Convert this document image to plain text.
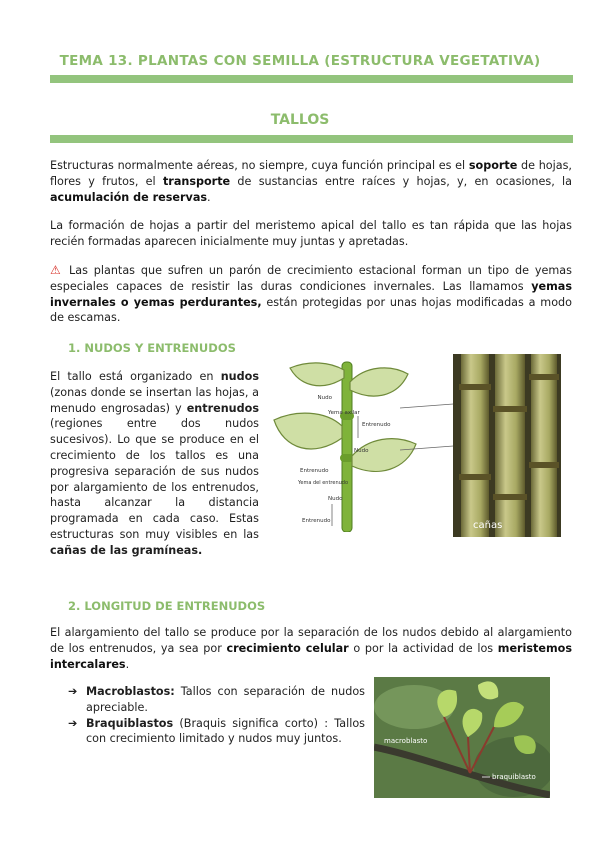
TEMA 13. PLANTAS CON SEMILLA (ESTRUCTURA VEGETATIVA)
TALLOS
Estructuras normalmente aéreas, no siempre, cuya función principal es el soporte de hojas, flores y frutos, el transporte de sustancias entre raíces y hojas, y, en ocasiones, la acumulación de reservas.
La formación de hojas a partir del meristemo apical del tallo es tan rápida que las hojas recién formadas aparecen inicialmente muy juntas y apretadas.
⚠ Las plantas que sufren un parón de crecimiento estacional forman un tipo de yemas especiales capaces de resistir las duras condiciones invernales. Las llamamos yemas invernales o yemas perdurantes, están protegidas por unas hojas modificadas a modo de escamas.
1. NUDOS Y ENTRENUDOS
El tallo está organizado en nudos (zonas donde se insertan las hojas, a menudo engrosadas) y entrenudos (regiones entre dos nudos sucesivos). Lo que se produce en el crecimiento de los tallos es una progresiva separación de sus nudos por alargamiento de los entrenudos, hasta alcanzar la distancia programada en cada caso. Estas estructuras son muy visibles en las cañas de las gramíneas.
Nudo
Yema axilar
Entrenudo
Nudo
Entrenudo
Yema del entrenudo
Nudo
Entrenudo	cañas
2. LONGITUD DE ENTRENUDOS
El alargamiento del tallo se produce por la separación de los nudos debido al alargamiento de los entrenudos, ya sea por crecimiento celular o por la actividad de los meristemos intercalares.
➔ Macroblastos: Tallos con separación de nudos apreciable.
➔ Braquiblastos (Braquis significa corto) : Tallos con crecimiento limitado y nudos muy juntos.	macroblasto
braquiblasto
